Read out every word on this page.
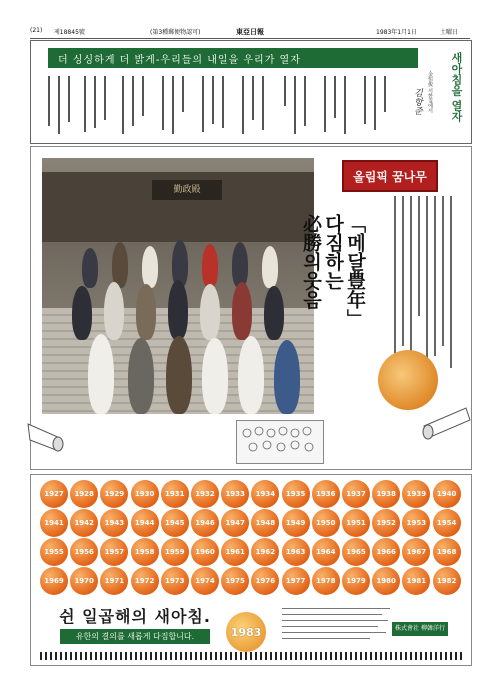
(21) 제18845號	(第3種郵便物認可)	東亞日報	1983年1月1日	土曜日
더 싱싱하게 더 밝게-우리들의 내일을 우리가 열자	새아침을 열자
-金恒俊 서한집에서
김항준
勤政殿
올림픽 꿈나무
「메달豊年」
다짐하는
必勝의웃음
1927	1928	1929	1930	1931	1932	1933	1934	1935	1936	1937	1938	1939	1940
1941	1942	1943	1944	1945	1946	1947	1948	1949	1950	1951	1952	1953	1954
1955	1956	1957	1958	1959	1960	1961	1962	1963	1964	1965	1966	1967	1968
1969	1970	1971	1972	1973	1974	1975	1976	1977	1978	1979	1980	1981	1982
쉰 일곱해의 새아침.
유한의 결의를 새롭게 다짐합니다.	1983	株式會社 柳韓洋行
